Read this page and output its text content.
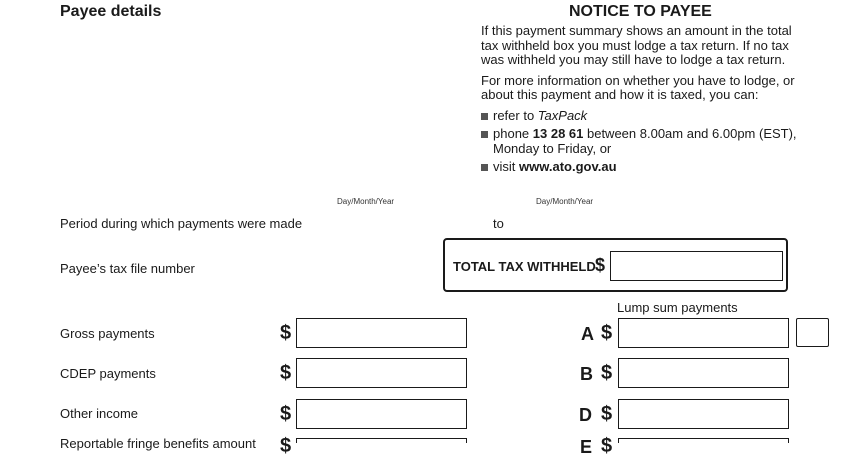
Payee details	NOTICE TO PAYEE

If this payment summary shows an amount in the total tax withheld box you must lodge a tax return. If no tax was withheld you may still have to lodge a tax return.

For more information on whether you have to lodge, or about this payment and how it is taxed, you can:

refer to TaxPack
phone 13 28 61 between 8.00am and 6.00pm (EST), Monday to Friday, or
visit www.ato.gov.au
Day/Month/Year	Day/Month/Year
Period during which payments were made	to
Payee’s tax file number	TOTAL TAX WITHHELD $
Lump sum payments
Gross payments	$	A $
CDEP payments	$	B $
Other income	$	D $
Reportable fringe benefits amount $	E $
